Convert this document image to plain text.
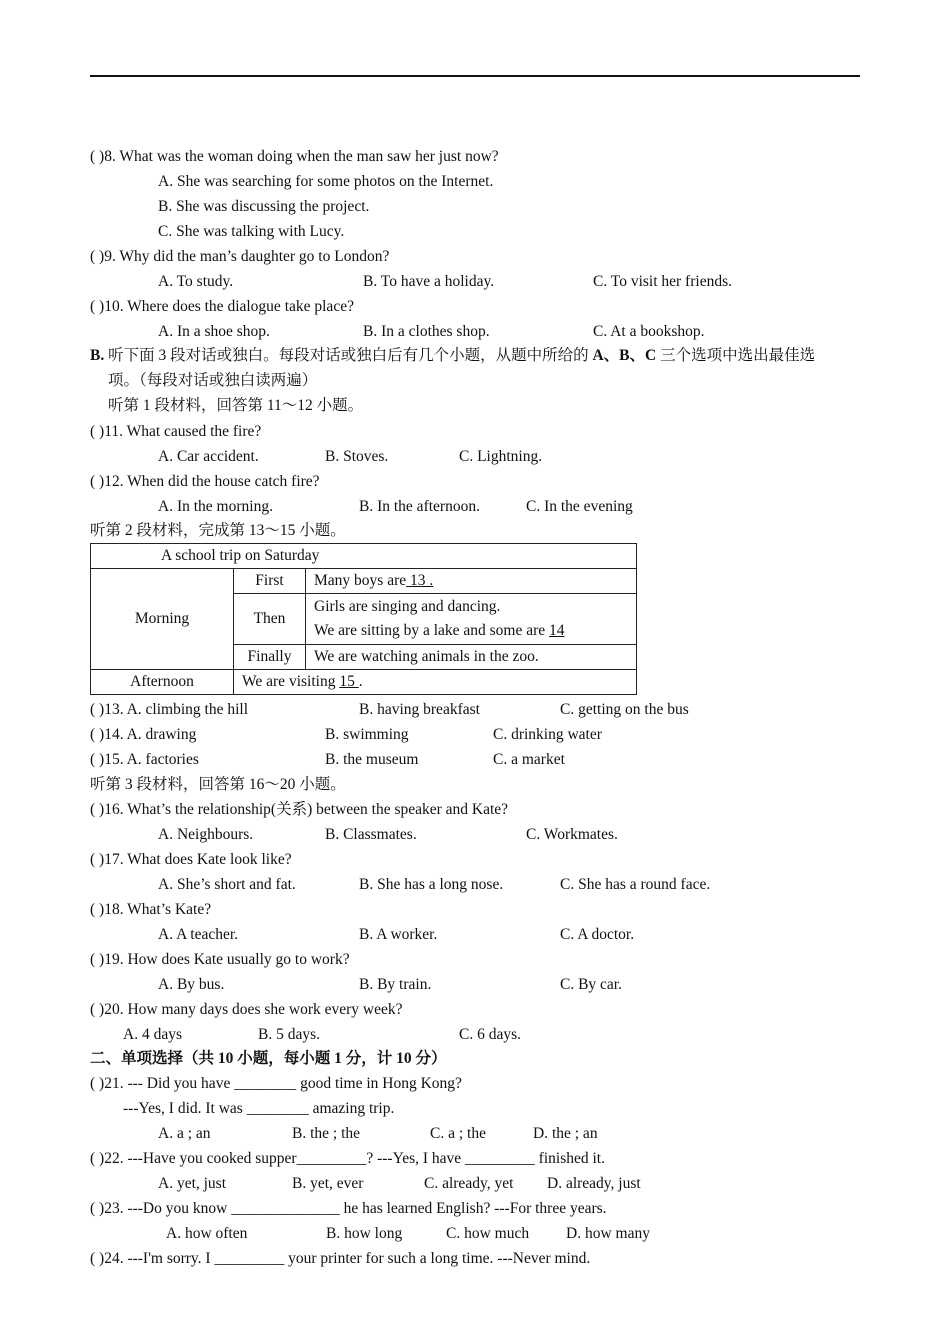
( )8. What was the woman doing when the man saw her just now?
A. She was searching for some photos on the Internet.
B. She was discussing the project.
C. She was talking with Lucy.
( )9. Why did the man’s daughter go to London?
A. To study.	B. To have a holiday.	C. To visit her friends.
( )10. Where does the dialogue take place?
A. In a shoe shop.	B. In a clothes shop.	C. At a bookshop.
B. 听下面 3 段对话或独白。每段对话或独白后有几个小题，从题中所给的 A、B、C 三个选项中选出最佳选
项。（每段对话或独白读两遍）
听第 1 段材料，回答第 11～12 小题。
( )11. What caused the fire?
A. Car accident.	B. Stoves.	C. Lightning.
( )12. When did the house catch fire?
A. In the morning.	B. In the afternoon.	C. In the evening
听第 2 段材料，完成第 13～15 小题。
A school trip on Saturday		
Morning	First	Many boys are 13 .
	Then	Girls are singing and dancing.
We are sitting by a lake and some are 14

	Finally	We are watching animals in the zoo.
Afternoon	We are visiting 15 .	
( )13. A. climbing the hill	B. having breakfast	C. getting on the bus
( )14. A. drawing	B. swimming	C. drinking water
( )15. A. factories	B. the museum	C. a market
听第 3 段材料，回答第 16～20 小题。
( )16. What’s the relationship(关系) between the speaker and Kate?
A. Neighbours.	B. Classmates.	C. Workmates.
( )17. What does Kate look like?
A. She’s short and fat.	B. She has a long nose.	C. She has a round face.
( )18. What’s Kate?
A. A teacher.	B. A worker.	C. A doctor.
( )19. How does Kate usually go to work?
A. By bus.	B. By train.	C. By car.
( )20. How many days does she work every week?
A. 4 days	B. 5 days.	C. 6 days.
二、单项选择（共 10 小题，每小题 1 分，计 10 分）
( )21. --- Did you have ________ good time in Hong Kong?
---Yes, I did. It was ________ amazing trip.
A. a ; an	B. the ; the	C. a ; the	D. the ; an
( )22. ---Have you cooked supper_________? ---Yes, I have _________ finished it.
A. yet, just	B. yet, ever	C. already, yet D. already, just
( )23. ---Do you know ______________ he has learned English? ---For three years.
A. how often	B. how long	C. how much D. how many
( )24. ---I'm sorry. I _________ your printer for such a long time. ---Never mind.
